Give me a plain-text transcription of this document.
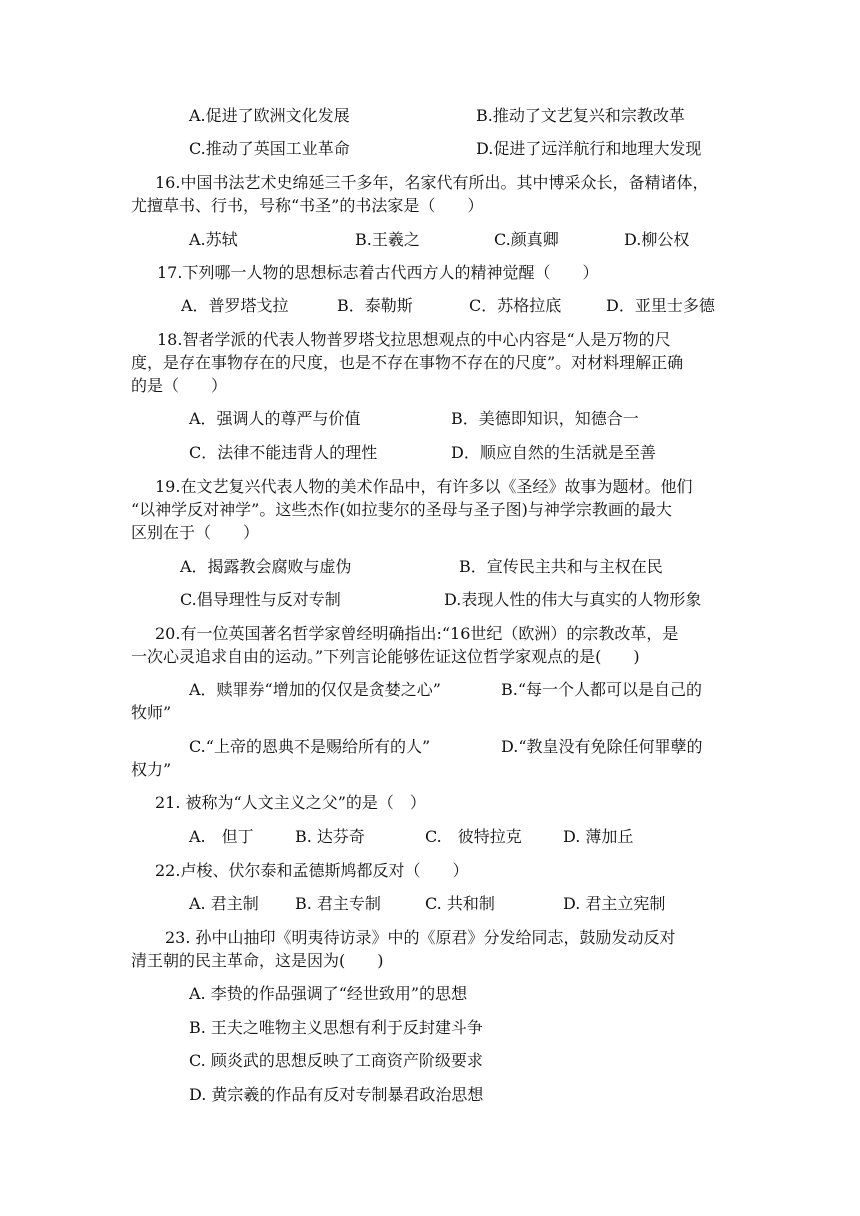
A.促进了欧洲文化发展	B.推动了文艺复兴和宗教改革
C.推动了英国工业革命	D.促进了远洋航行和地理大发现
16.中国书法艺术史绵延三千多年，名家代有所出。其中博采众长，备精诸体，
尤擅草书、行书，号称“书圣”的书法家是（　　）
A.苏轼	B.王羲之	C.颜真卿	D.柳公权
17.下列哪一人物的思想标志着古代西方人的精神觉醒（　　）
A．普罗塔戈拉	B．泰勒斯	C．苏格拉底	D．亚里士多德
18.智者学派的代表人物普罗塔戈拉思想观点的中心内容是“人是万物的尺
度，是存在事物存在的尺度，也是不存在事物不存在的尺度”。对材料理解正确
的是（　　）
A．强调人的尊严与价值	B．美德即知识，知德合一
C．法律不能违背人的理性	D．顺应自然的生活就是至善
19.在文艺复兴代表人物的美术作品中，有许多以《圣经》故事为题材。他们
“以神学反对神学”。这些杰作(如拉斐尔的圣母与圣子图)与神学宗教画的最大
区别在于（　　）
A．揭露教会腐败与虚伪	B．宣传民主共和与主权在民
C.倡导理性与反对专制	D.表现人性的伟大与真实的人物形象
20.有一位英国著名哲学家曾经明确指出:“16世纪（欧洲）的宗教改革，是
一次心灵追求自由的运动。”下列言论能够佐证这位哲学家观点的是(　　)
A．赎罪券“增加的仅仅是贪婪之心”	B.“每一个人都可以是自己的
牧师”
C.“上帝的恩典不是赐给所有的人”	D.“教皇没有免除任何罪孽的
权力”
21. 被称为“人文主义之父”的是（　）
A.　但丁	B. 达芬奇	C.　彼特拉克	D. 薄加丘
22.卢梭、伏尔泰和孟德斯鸠都反对（　　）
A. 君主制 B. 君主专制	C. 共和制	D. 君主立宪制
23. 孙中山抽印《明夷待访录》中的《原君》分发给同志，鼓励发动反对
清王朝的民主革命，这是因为(　　)
A. 李贽的作品强调了“经世致用”的思想
B. 王夫之唯物主义思想有利于反封建斗争
C. 顾炎武的思想反映了工商资产阶级要求
D. 黄宗羲的作品有反对专制暴君政治思想
